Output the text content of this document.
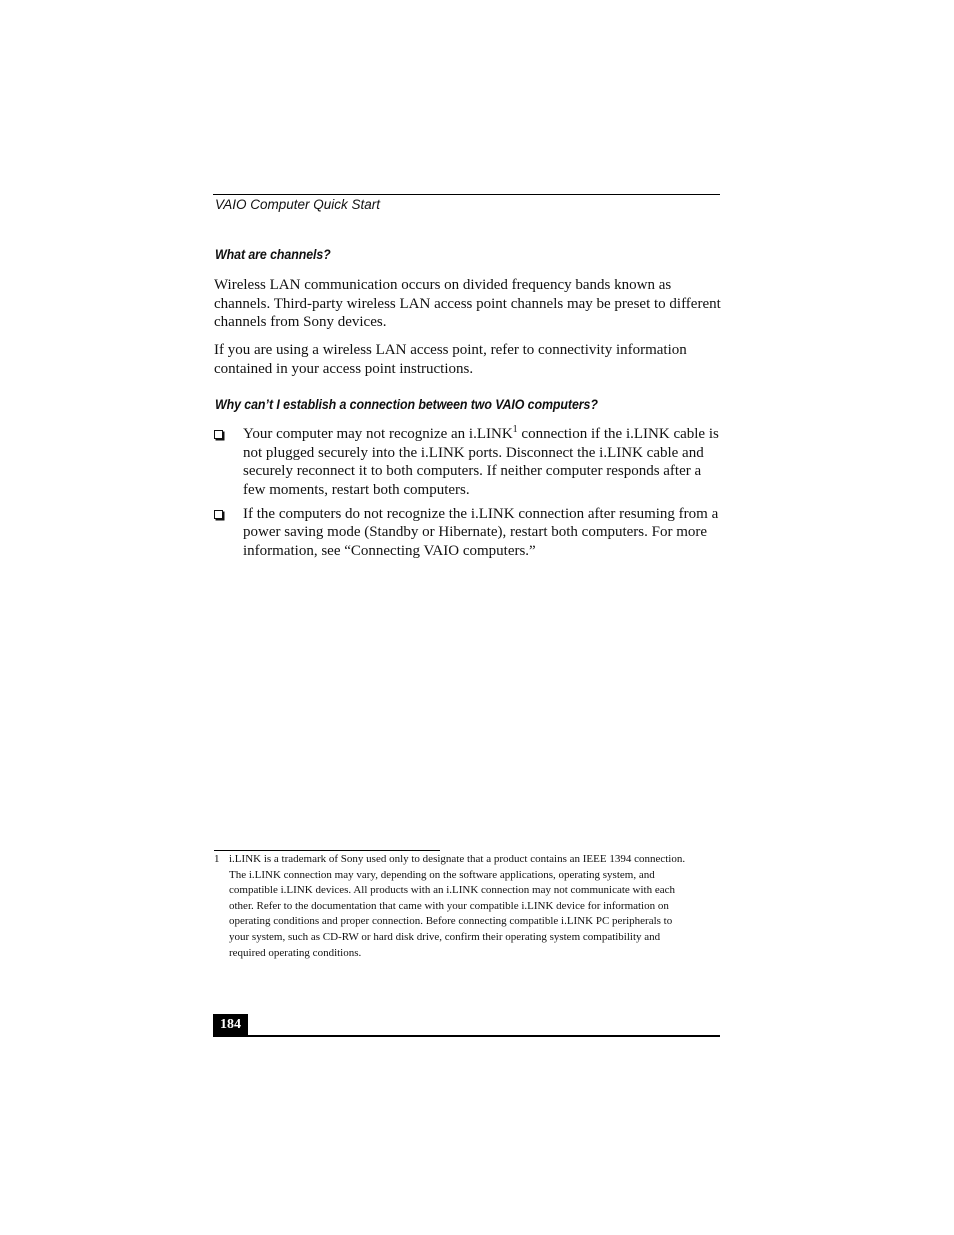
VAIO Computer Quick Start
What are channels?

Wireless LAN communication occurs on divided frequency bands known as channels. Third-party wireless LAN access point channels may be preset to different channels from Sony devices.

If you are using a wireless LAN access point, refer to connectivity information contained in your access point instructions.

Why can’t I establish a connection between two VAIO computers?
Your computer may not recognize an i.LINK$^1$ connection if the i.LINK cable is not plugged securely into the i.LINK ports. Disconnect the i.LINK cable and securely reconnect it to both computers. If neither computer responds after a few moments, restart both computers.
If the computers do not recognize the i.LINK connection after resuming from a power saving mode (Standby or Hibernate), restart both computers. For more information, see “Connecting VAIO computers.”
1 i.LINK is a trademark of Sony used only to designate that a product contains an IEEE 1394 connection. The i.LINK connection may vary, depending on the software applications, operating system, and compatible i.LINK devices. All products with an i.LINK connection may not communicate with each other. Refer to the documentation that came with your compatible i.LINK device for information on operating conditions and proper connection. Before connecting compatible i.LINK PC peripherals to your system, such as CD-RW or hard disk drive, confirm their operating system compatibility and required operating conditions.
184
